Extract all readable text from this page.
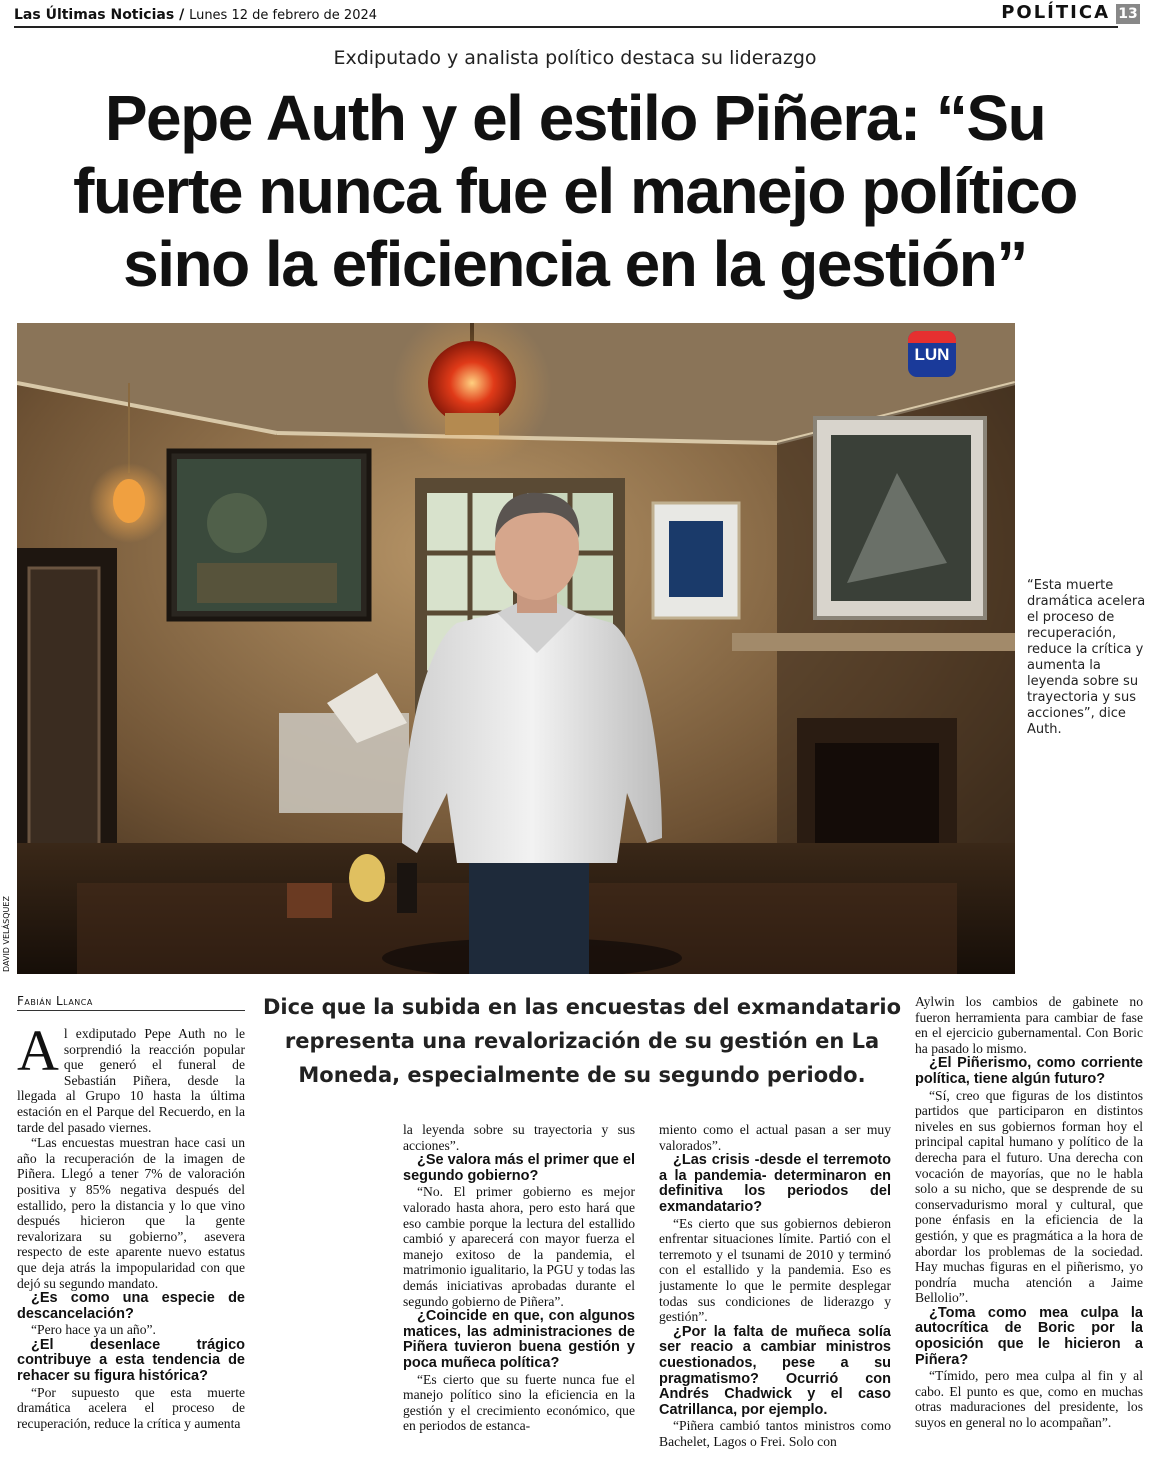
Las Últimas Noticias / Lunes 12 de febrero de 2024	POLÍTICA 13
Exdiputado y analista político destaca su liderazgo
Pepe Auth y el estilo Piñera: “Su fuerte nunca fue el manejo político sino la eficiencia en la gestión”
LUN
DAVID VELÁSQUEZ
“Esta muerte dramática acelera el proceso de recuperación, reduce la crítica y aumenta la leyenda sobre su trayectoria y sus acciones”, dice Auth.
Fabián Llanca	Dice que la subida en las encuestas del exmandatario representa una revalorización de su gestión en La Moneda, especialmente de su segundo periodo.
A l exdiputado Pepe Auth no le sorprendió la reacción popular que generó el funeral de Sebastián Piñera, desde la llegada al Grupo 10 hasta la última estación en el Parque del Recuerdo, en la tarde del pasado viernes.

“Las encuestas muestran hace casi un año la recuperación de la imagen de Piñera. Llegó a tener 7% de valoración positiva y 85% negativa después del estallido, pero la distancia y lo que vino después hicieron que la gente revalorizara su gobierno”, asevera respecto de este aparente nuevo estatus que deja atrás la impopularidad con que dejó su segundo mandato.

¿Es como una especie de descancelación?

“Pero hace ya un año”.

¿El desenlace trágico contribuye a esta tendencia de rehacer su figura histórica?

“Por supuesto que esta muerte dramática acelera el proceso de recuperación, reduce la crítica y aumenta

la leyenda sobre su trayectoria y sus acciones”.

¿Se valora más el primer que el segundo gobierno?

“No. El primer gobierno es mejor valorado hasta ahora, pero esto hará que eso cambie porque la lectura del estallido cambió y aparecerá con mayor fuerza el manejo exitoso de la pandemia, el matrimonio igualitario, la PGU y todas las demás iniciativas aprobadas durante el segundo gobierno de Piñera”.

¿Coincide en que, con algunos matices, las administraciones de Piñera tuvieron buena gestión y poca muñeca política?

“Es cierto que su fuerte nunca fue el manejo político sino la eficiencia en la gestión y el crecimiento económico, que en periodos de estanca-

miento como el actual pasan a ser muy valorados”.

¿Las crisis -desde el terremoto a la pandemia- determinaron en definitiva los periodos del exmandatario?

“Es cierto que sus gobiernos debieron enfrentar situaciones límite. Partió con el terremoto y el tsunami de 2010 y terminó con el estallido y la pandemia. Eso es justamente lo que le permite desplegar todas sus condiciones de liderazgo y gestión”.

¿Por la falta de muñeca solía ser reacio a cambiar ministros cuestionados, pese a su pragmatismo? Ocurrió con Andrés Chadwick y el caso Catrillanca, por ejemplo.

“Piñera cambió tantos ministros como Bachelet, Lagos o Frei. Solo con

Aylwin los cambios de gabinete no fueron herramienta para cambiar de fase en el ejercicio gubernamental. Con Boric ha pasado lo mismo.

¿El Piñerismo, como corriente política, tiene algún futuro?

“Sí, creo que figuras de los distintos partidos que participaron en distintos niveles en sus gobiernos forman hoy el principal capital humano y político de la derecha para el futuro. Una derecha con vocación de mayorías, que no le habla solo a su nicho, que se desprende de su conservadurismo moral y cultural, que pone énfasis en la eficiencia de la gestión, y que es pragmática a la hora de abordar los problemas de la sociedad. Hay muchas figuras en el piñerismo, yo pondría mucha atención a Jaime Bellolio”.

¿Toma como mea culpa la autocrítica de Boric por la oposición que le hicieron a Piñera?

“Tímido, pero mea culpa al fin y al cabo. El punto es que, como en muchas otras maduraciones del presidente, los suyos en general no lo acompañan”.
